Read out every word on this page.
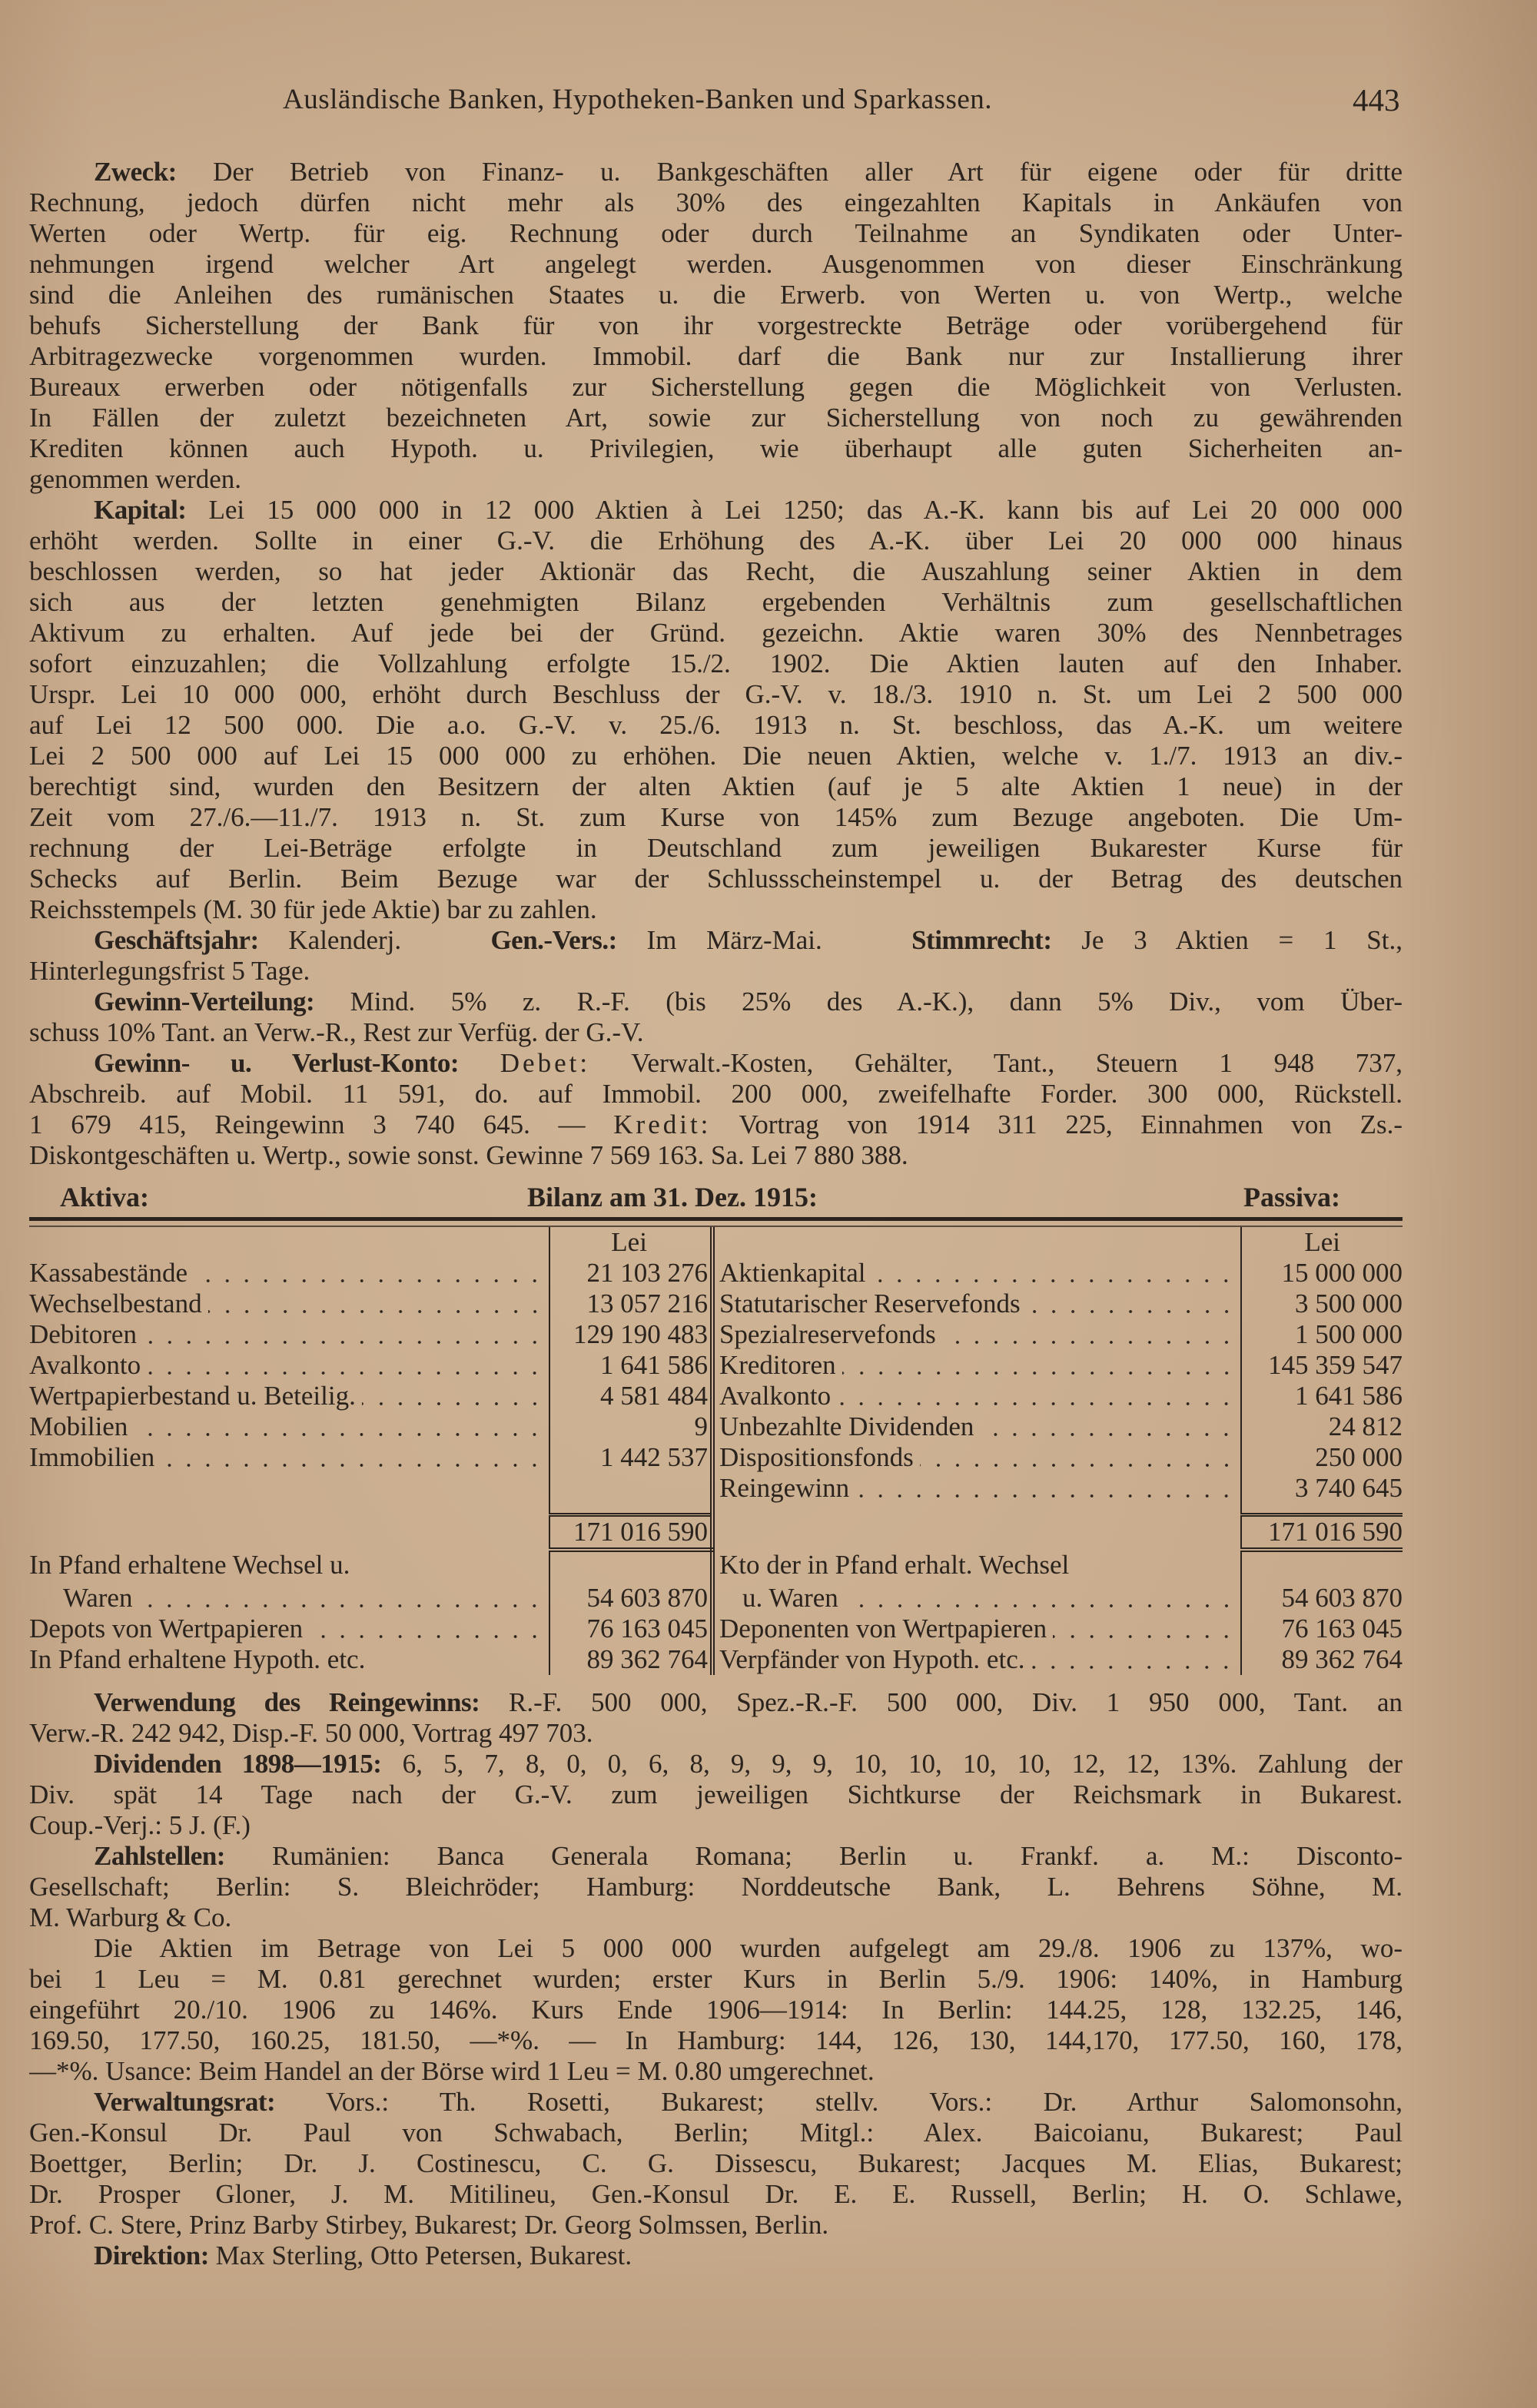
Ausländische Banken, Hypotheken-Banken und Sparkassen.	443
Zweck: Der Betrieb von Finanz- u. Bankgeschäften aller Art für eigene oder für dritte
Rechnung, jedoch dürfen nicht mehr als 30% des eingezahlten Kapitals in Ankäufen von
Werten oder Wertp. für eig. Rechnung oder durch Teilnahme an Syndikaten oder Unter-
nehmungen irgend welcher Art angelegt werden. Ausgenommen von dieser Einschränkung
sind die Anleihen des rumänischen Staates u. die Erwerb. von Werten u. von Wertp., welche
behufs Sicherstellung der Bank für von ihr vorgestreckte Beträge oder vorübergehend für
Arbitragezwecke vorgenommen wurden. Immobil. darf die Bank nur zur Installierung ihrer
Bureaux erwerben oder nötigenfalls zur Sicherstellung gegen die Möglichkeit von Verlusten.
In Fällen der zuletzt bezeichneten Art, sowie zur Sicherstellung von noch zu gewährenden
Krediten können auch Hypoth. u. Privilegien, wie überhaupt alle guten Sicherheiten an-
genommen werden.
Kapital: Lei 15 000 000 in 12 000 Aktien à Lei 1250; das A.-K. kann bis auf Lei 20 000 000
erhöht werden. Sollte in einer G.-V. die Erhöhung des A.-K. über Lei 20 000 000 hinaus
beschlossen werden, so hat jeder Aktionär das Recht, die Auszahlung seiner Aktien in dem
sich aus der letzten genehmigten Bilanz ergebenden Verhältnis zum gesellschaftlichen
Aktivum zu erhalten. Auf jede bei der Gründ. gezeichn. Aktie waren 30% des Nennbetrages
sofort einzuzahlen; die Vollzahlung erfolgte 15./2. 1902. Die Aktien lauten auf den Inhaber.
Urspr. Lei 10 000 000, erhöht durch Beschluss der G.-V. v. 18./3. 1910 n. St. um Lei 2 500 000
auf Lei 12 500 000. Die a.o. G.-V. v. 25./6. 1913 n. St. beschloss, das A.-K. um weitere
Lei 2 500 000 auf Lei 15 000 000 zu erhöhen. Die neuen Aktien, welche v. 1./7. 1913 an div.-
berechtigt sind, wurden den Besitzern der alten Aktien (auf je 5 alte Aktien 1 neue) in der
Zeit vom 27./6.—11./7. 1913 n. St. zum Kurse von 145% zum Bezuge angeboten. Die Um-
rechnung der Lei-Beträge erfolgte in Deutschland zum jeweiligen Bukarester Kurse für
Schecks auf Berlin. Beim Bezuge war der Schlussscheinstempel u. der Betrag des deutschen
Reichsstempels (M. 30 für jede Aktie) bar zu zahlen.
Geschäftsjahr: Kalenderj.   Gen.-Vers.: Im März-Mai.   Stimmrecht: Je 3 Aktien = 1 St.,
Hinterlegungsfrist 5 Tage.
Gewinn-Verteilung: Mind. 5% z. R.-F. (bis 25% des A.-K.), dann 5% Div., vom Über-
schuss 10% Tant. an Verw.-R., Rest zur Verfüg. der G.-V.
Gewinn- u. Verlust-Konto: Debet: Verwalt.-Kosten, Gehälter, Tant., Steuern 1 948 737,
Abschreib. auf Mobil. 11 591, do. auf Immobil. 200 000, zweifelhafte Forder. 300 000, Rückstell.
1 679 415, Reingewinn 3 740 645. — Kredit: Vortrag von 1914 311 225, Einnahmen von Zs.-
Diskontgeschäften u. Wertp., sowie sonst. Gewinne 7 569 163. Sa. Lei 7 880 388.
Aktiva:	Bilanz am 31. Dez. 1915:	Passiva:
	Lei		Lei

Kassabestände	21 103 276	Aktienkapital	15 000 000

Wechselbestand	13 057 216	Statutarischer Reservefonds	3 500 000

Debitoren	129 190 483	Spezialreservefonds	1 500 000

Avalkonto	1 641 586	Kreditoren	145 359 547

Wertpapierbestand u. Beteilig.	4 581 484	Avalkonto	1 641 586

Mobilien	9	Unbezahlte Dividenden	24 812

Immobilien	1 442 537	Dispositionsfonds	250 000

		Reingewinn	3 740 645

	171 016 590		171 016 590

In Pfand erhaltene Wechsel u.		Kto der in Pfand erhalt. Wechsel	

Waren	54 603 870	u. Waren	54 603 870

Depots von Wertpapieren	76 163 045	Deponenten von Wertpapieren	76 163 045

In Pfand erhaltene Hypoth. etc.	89 362 764	Verpfänder von Hypoth. etc.	89 362 764
Verwendung des Reingewinns: R.-F. 500 000, Spez.-R.-F. 500 000, Div. 1 950 000, Tant. an
Verw.-R. 242 942, Disp.-F. 50 000, Vortrag 497 703.
Dividenden 1898—1915: 6, 5, 7, 8, 0, 0, 6, 8, 9, 9, 9, 10, 10, 10, 10, 12, 12, 13%. Zahlung der
Div. spät 14 Tage nach der G.-V. zum jeweiligen Sichtkurse der Reichsmark in Bukarest.
Coup.-Verj.: 5 J. (F.)
Zahlstellen: Rumänien: Banca Generala Romana; Berlin u. Frankf. a. M.: Disconto-
Gesellschaft; Berlin: S. Bleichröder; Hamburg: Norddeutsche Bank, L. Behrens Söhne, M.
M. Warburg & Co.
Die Aktien im Betrage von Lei 5 000 000 wurden aufgelegt am 29./8. 1906 zu 137%, wo-
bei 1 Leu = M. 0.81 gerechnet wurden; erster Kurs in Berlin 5./9. 1906: 140%, in Hamburg
eingeführt 20./10. 1906 zu 146%. Kurs Ende 1906—1914: In Berlin: 144.25, 128, 132.25, 146,
169.50, 177.50, 160.25, 181.50, —*%. — In Hamburg: 144, 126, 130, 144,170, 177.50, 160, 178,
—*%. Usance: Beim Handel an der Börse wird 1 Leu = M. 0.80 umgerechnet.
Verwaltungsrat: Vors.: Th. Rosetti, Bukarest; stellv. Vors.: Dr. Arthur Salomonsohn,
Gen.-Konsul Dr. Paul von Schwabach, Berlin; Mitgl.: Alex. Baicoianu, Bukarest; Paul
Boettger, Berlin; Dr. J. Costinescu, C. G. Dissescu, Bukarest; Jacques M. Elias, Bukarest;
Dr. Prosper Gloner, J. M. Mitilineu, Gen.-Konsul Dr. E. E. Russell, Berlin; H. O. Schlawe,
Prof. C. Stere, Prinz Barby Stirbey, Bukarest; Dr. Georg Solmssen, Berlin.
Direktion: Max Sterling, Otto Petersen, Bukarest.
